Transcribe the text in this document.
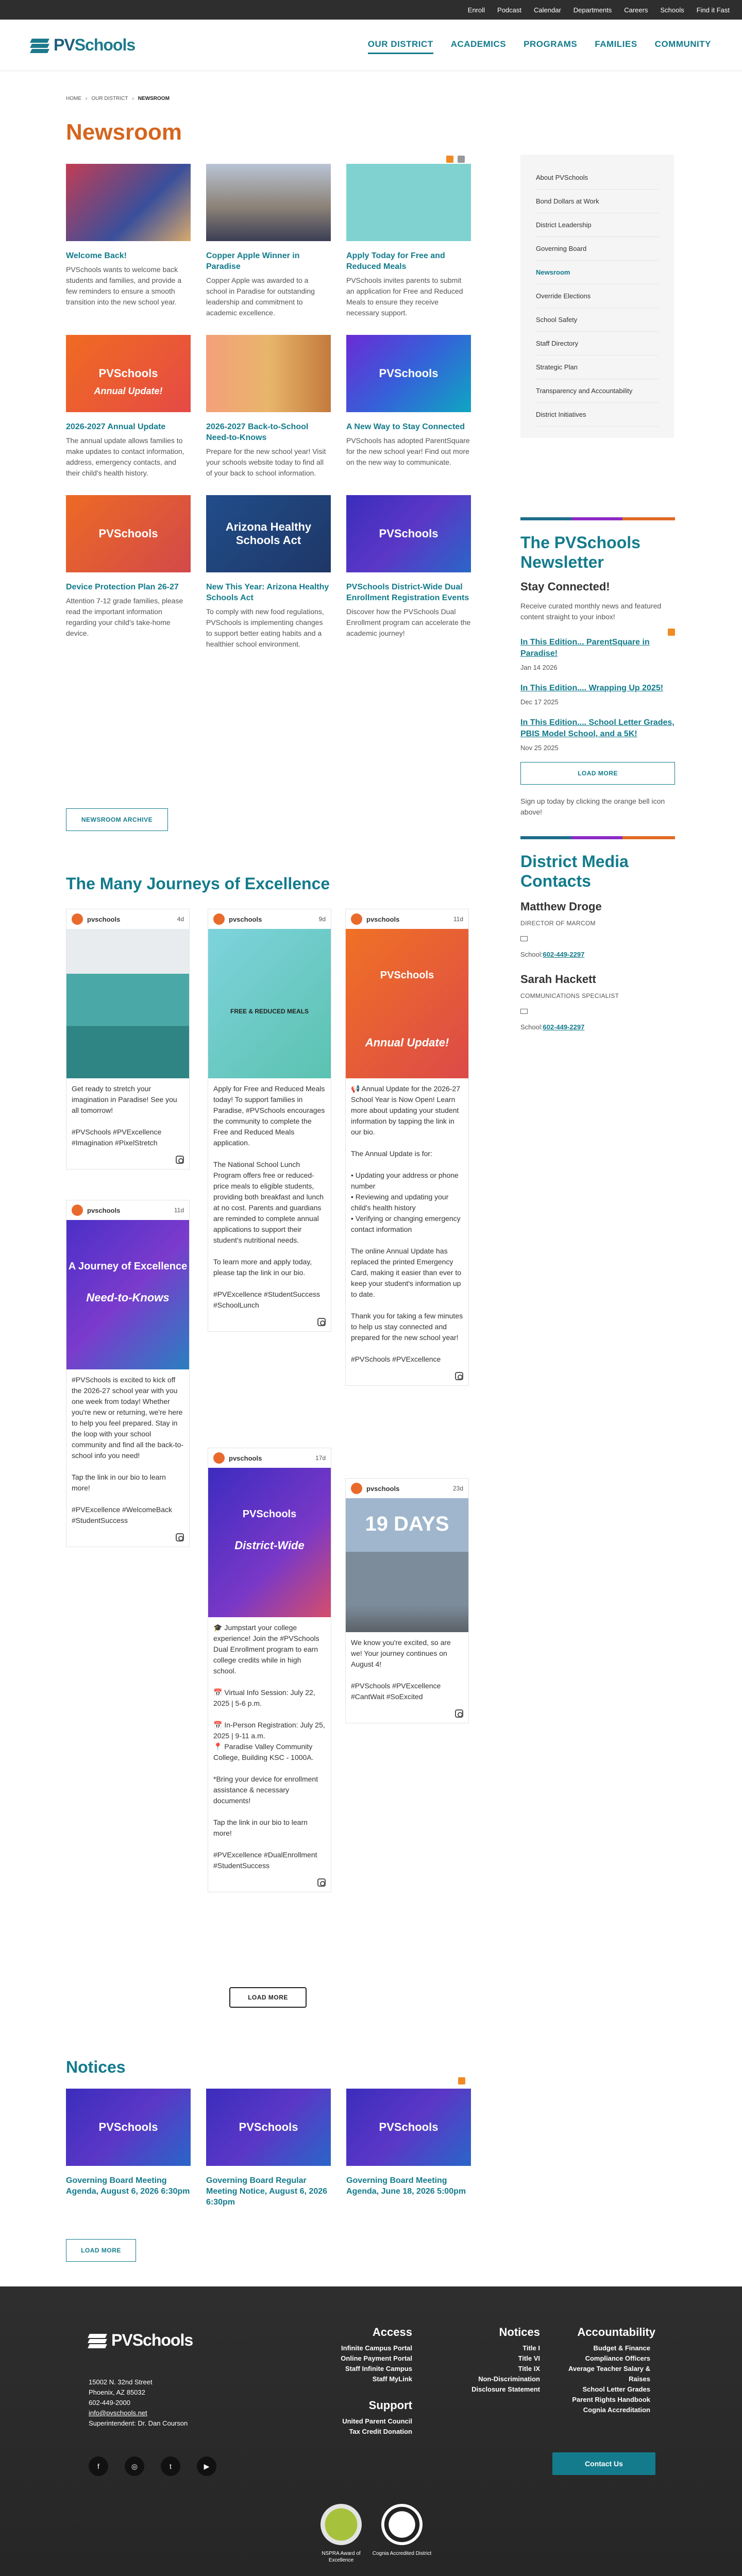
Enroll Podcast Calendar Departments Careers Schools Find it Fast
PVSchools	OUR DISTRICT ACADEMICS PROGRAMS FAMILIES COMMUNITY
HOME › OUR DISTRICT › NEWSROOM
Newsroom
Welcome Back!

PVSchools wants to welcome back students and families, and provide a few reminders to ensure a smooth transition into the new school year.

Copper Apple Winner in Paradise

Copper Apple was awarded to a school in Paradise for outstanding leadership and commitment to academic excellence.

Apply Today for Free and Reduced Meals

PVSchools invites parents to submit an application for Free and Reduced Meals to ensure they receive necessary support.

PVSchools
Annual Update!
2026-2027 Annual Update

The annual update allows families to make updates to contact information, address, emergency contacts, and their child's health history.

2026-2027 Back-to-School Need-to-Knows

Prepare for the new school year! Visit your schools website today to find all of your back to school information.

PVSchools
A New Way to Stay Connected

PVSchools has adopted ParentSquare for the new school year! Find out more on the new way to communicate.

PVSchools
Device Protection Plan 26-27

Attention 7-12 grade families, please read the important information regarding your child's take-home device.

Arizona Healthy Schools Act
New This Year: Arizona Healthy Schools Act

To comply with new food regulations, PVSchools is implementing changes to support better eating habits and a healthier school environment.

PVSchools
PVSchools District-Wide Dual Enrollment Registration Events

Discover how the PVSchools Dual Enrollment program can accelerate the academic journey!

NEWSROOM ARCHIVE
About PVSchools
Bond Dollars at Work
District Leadership
Governing Board
Newsroom
Override Elections
School Safety
Staff Directory
Strategic Plan
Transparency and Accountability
District Initiatives
The PVSchools Newsletter
Stay Connected!
Receive curated monthly news and featured content straight to your inbox!
In This Edition... ParentSquare in Paradise!
Jan 14 2026
In This Edition.... Wrapping Up 2025!
Dec 17 2025
In This Edition.... School Letter Grades, PBIS Model School, and a 5K!
Nov 25 2025
LOAD MORE
Sign up today by clicking the orange bell icon above!
District Media Contacts
Matthew Droge
DIRECTOR OF MARCOM
School:602-449-2297
Sarah Hackett
COMMUNICATIONS SPECIALIST
School:602-449-2297
The Many Journeys of Excellence
pvschools	4d
Get ready to stretch your imagination in Paradise! See you all tomorrow!

#PVSchools #PVExcellence #Imagination #PixelStretch
pvschools	9d
FREE & REDUCED MEALS
Apply for Free and Reduced Meals today! To support families in Paradise, #PVSchools encourages the community to complete the Free and Reduced Meals application.

The National School Lunch Program offers free or reduced-price meals to eligible students, providing both breakfast and lunch at no cost. Parents and guardians are reminded to complete annual applications to support their student's nutritional needs.

To learn more and apply today, please tap the link in our bio.

#PVExcellence #StudentSuccess #SchoolLunch
pvschools	11d
PVSchools
Annual Update!
📢 Annual Update for the 2026-27 School Year is Now Open! Learn more about updating your student information by tapping the link in our bio.

The Annual Update is for:

• Updating your address or phone number
• Reviewing and updating your child's health history
• Verifying or changing emergency contact information

The online Annual Update has replaced the printed Emergency Card, making it easier than ever to keep your student's information up to date.

Thank you for taking a few minutes to help us stay connected and prepared for the new school year!

#PVSchools #PVExcellence
pvschools	11d
A Journey of Excellence
Need-to-Knows
#PVSchools is excited to kick off the 2026-27 school year with you one week from today! Whether you're new or returning, we're here to help you feel prepared. Stay in the loop with your school community and find all the back-to-school info you need!

Tap the link in our bio to learn more!

#PVExcellence #WelcomeBack #StudentSuccess
pvschools	17d
PVSchools
District-Wide
🎓 Jumpstart your college experience! Join the #PVSchools Dual Enrollment program to earn college credits while in high school.

📅 Virtual Info Session: July 22, 2025 | 5-6 p.m.

📅 In-Person Registration: July 25, 2025 | 9-11 a.m.
📍 Paradise Valley Community College, Building KSC - 1000A.

*Bring your device for enrollment assistance & necessary documents!

Tap the link in our bio to learn more!

#PVExcellence #DualEnrollment #StudentSuccess
pvschools	23d
19 DAYS
We know you're excited, so are we! Your journey continues on August 4!

#PVSchools #PVExcellence #CantWait #SoExcited
LOAD MORE
Notices
PVSchools
Governing Board Meeting Agenda, August 6, 2026 6:30pm
PVSchools
Governing Board Regular Meeting Notice, August 6, 2026 6:30pm
PVSchools
Governing Board Meeting Agenda, June 18, 2026 5:00pm
LOAD MORE
PVSchools
15002 N. 32nd Street
Phoenix, AZ 85032
602-449-2000
info@pvschools.net
Superintendent: Dr. Dan Courson
f	◎	t	▶
Access
Infinite Campus Portal
Online Payment Portal
Staff Infinite Campus
Staff MyLink
Support
United Parent Council
Tax Credit Donation
Notices
Title I
Title VI
Title IX
Non-Discrimination
Disclosure Statement
Accountability
Budget & Finance
Compliance Officers
Average Teacher Salary & Raises
School Letter Grades
Parent Rights Handbook
Cognia Accreditation
Contact Us
NSPRA Award of Excellence
Cognia Accredited District
